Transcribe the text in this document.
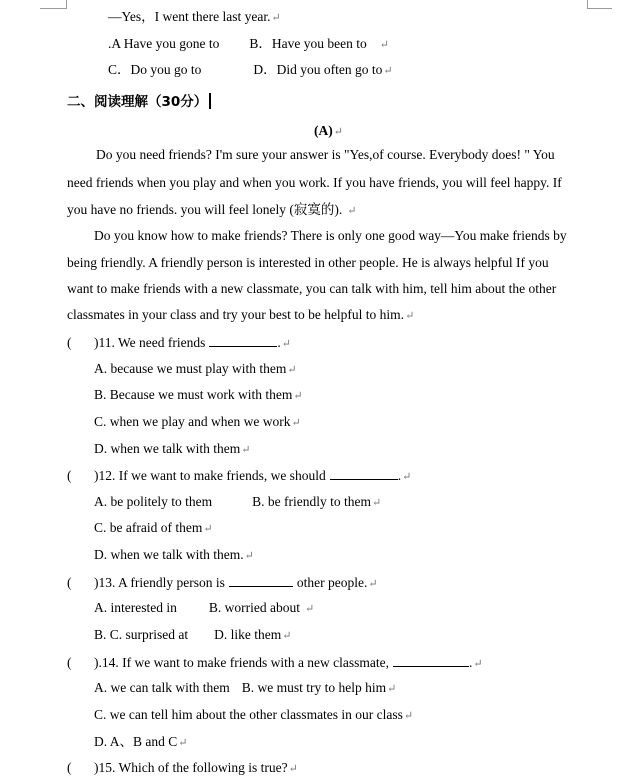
—Yes，I went there last year.↵
.A Have you gone to B．Have you been to ↵
C．Do you go to	D．Did you often go to↵
二、阅读理解（30分）
(A)↵
Do you need friends? I'm sure your answer is "Yes,of course. Everybody does! " You
need friends when you play and when you work. If you have friends, you will feel happy. If
you have no friends. you will feel lonely (寂寞的). ↵
Do you know how to make friends? There is only one good way—You make friends by
being friendly. A friendly person is interested in other people. He is always helpful If you
want to make friends with a new classmate, you can talk with him, tell him about the other
classmates in your class and try your best to be helpful to him.↵
( )11. We need friends	.↵
A. because we must play with them↵
B. Because we must work with them↵
C. when we play and when we work↵
D. when we talk with them↵
( )12. If we want to make friends, we should	.↵
A. be politely to them	B. be friendly to them↵
C. be afraid of them↵
D. when we talk with them.↵
( )13. A friendly person is	other people.↵
A. interested in B. worried about ↵
B. C. surprised at D. like them↵
( ).14. If we want to make friends with a new classmate,	.↵
A. we can talk with them B. we must try to help him↵
C. we can tell him about the other classmates in our class↵
D. A、B and C↵
( )15. Which of the following is true?↵
